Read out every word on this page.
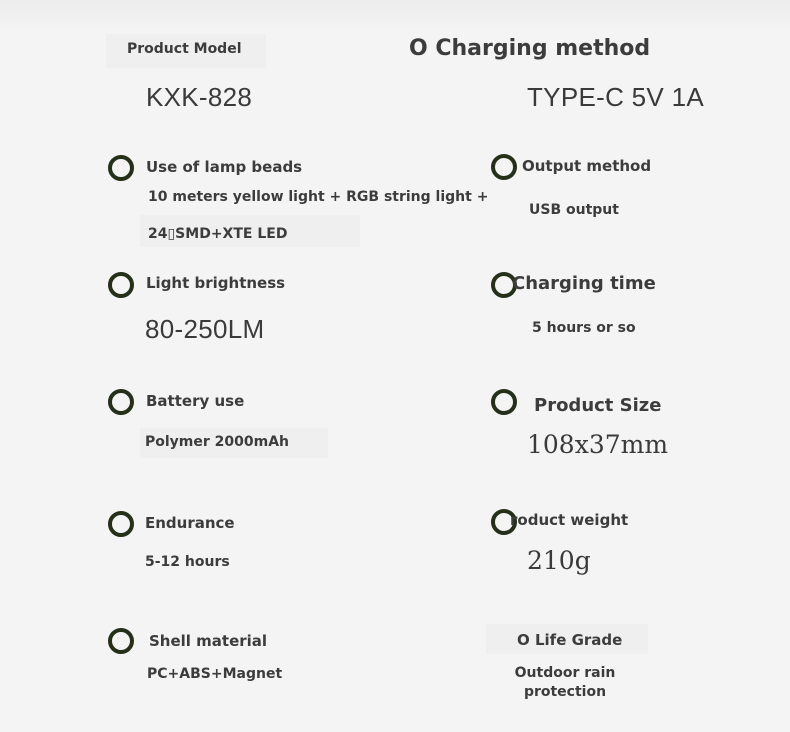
Product Model
KXK-828
Use of lamp beads
10 meters yellow light + RGB string light +
24▯SMD+XTE LED
Light brightness
80-250LM
Battery use
Polymer 2000mAh
Endurance
5-12 hours
Shell material
PC+ABS+Magnet
O Charging method
TYPE-C 5V 1A
Output method
USB output
Charging time
5 hours or so
Product Size
108x37mm
roduct weight
210g
O Life Grade
Outdoor rain
protection
